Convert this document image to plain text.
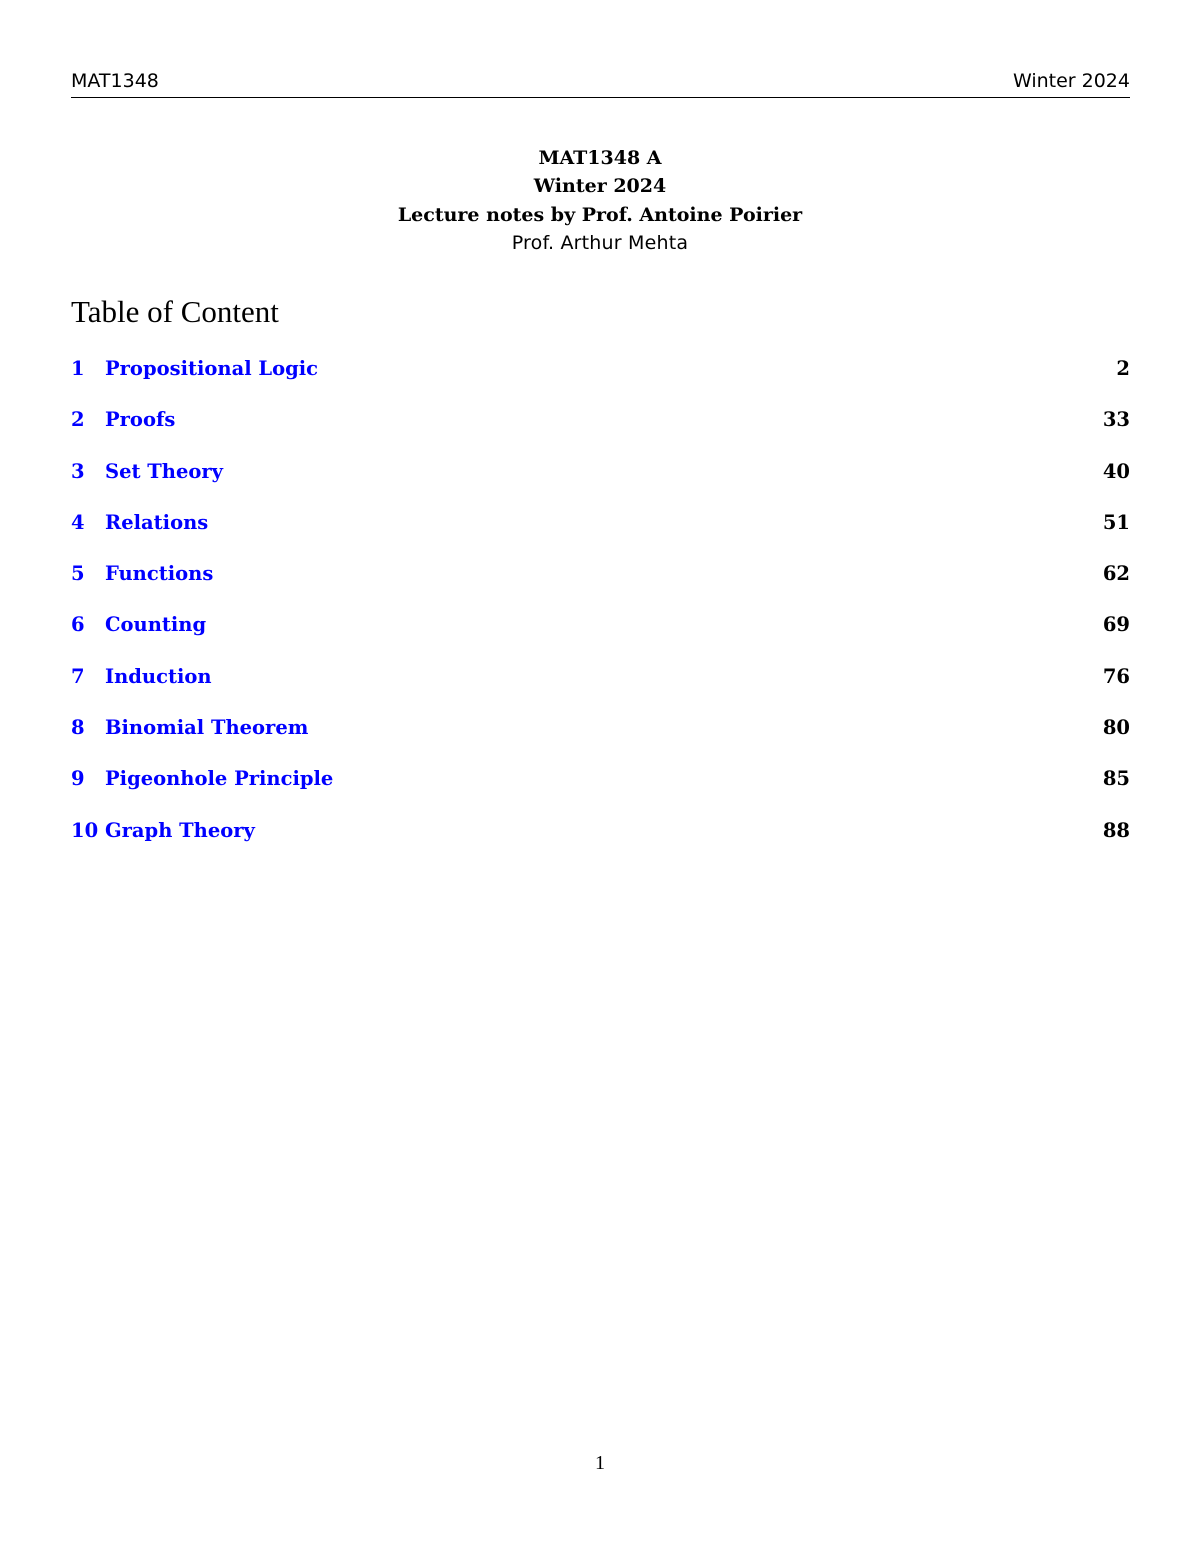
MAT1348	Winter 2024
MAT1348 A
Winter 2024
Lecture notes by Prof. Antoine Poirier
Prof. Arthur Mehta
Table of Content
1 Propositional Logic	2
2 Proofs	33
3 Set Theory	40
4 Relations	51
5 Functions	62
6 Counting	69
7 Induction	76
8 Binomial Theorem	80
9 Pigeonhole Principle	85
10 Graph Theory	88
1
